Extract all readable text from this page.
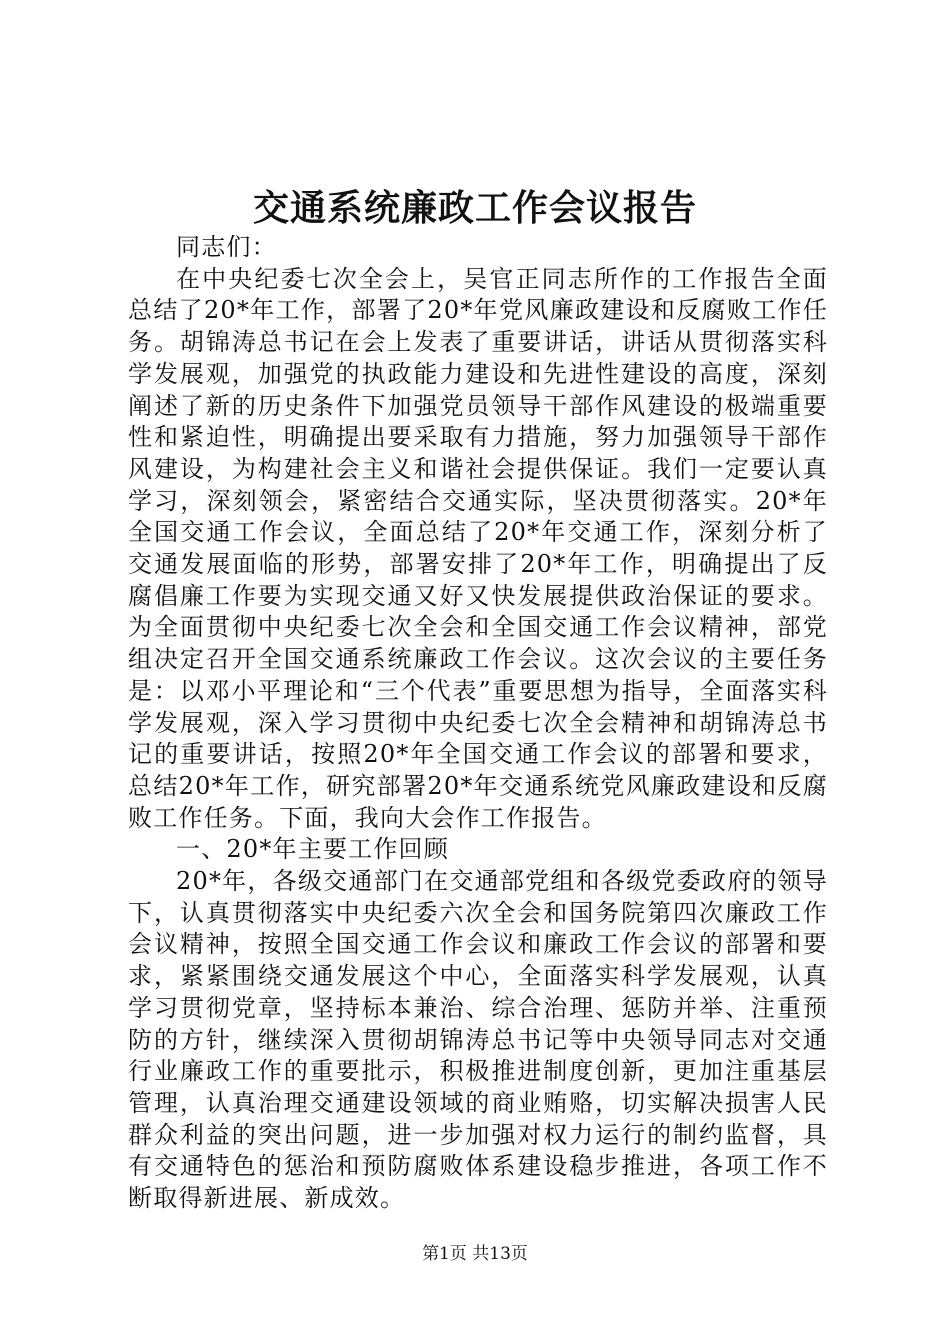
交通系统廉政工作会议报告

同志们：

在中央纪委七次全会上，吴官正同志所作的工作报告全面总结了20*年工作，部署了20*年党风廉政建设和反腐败工作任务。胡锦涛总书记在会上发表了重要讲话，讲话从贯彻落实科学发展观，加强党的执政能力建设和先进性建设的高度，深刻阐述了新的历史条件下加强党员领导干部作风建设的极端重要性和紧迫性，明确提出要采取有力措施，努力加强领导干部作风建设，为构建社会主义和谐社会提供保证。我们一定要认真学习，深刻领会，紧密结合交通实际，坚决贯彻落实。20*年全国交通工作会议，全面总结了20*年交通工作，深刻分析了交通发展面临的形势，部署安排了20*年工作，明确提出了反腐倡廉工作要为实现交通又好又快发展提供政治保证的要求。为全面贯彻中央纪委七次全会和全国交通工作会议精神，部党组决定召开全国交通系统廉政工作会议。这次会议的主要任务是：以邓小平理论和“三个代表”重要思想为指导，全面落实科学发展观，深入学习贯彻中央纪委七次全会精神和胡锦涛总书记的重要讲话，按照20*年全国交通工作会议的部署和要求，总结20*年工作，研究部署20*年交通系统党风廉政建设和反腐败工作任务。下面，我向大会作工作报告。

一、20*年主要工作回顾

20*年，各级交通部门在交通部党组和各级党委政府的领导下，认真贯彻落实中央纪委六次全会和国务院第四次廉政工作会议精神，按照全国交通工作会议和廉政工作会议的部署和要求，紧紧围绕交通发展这个中心，全面落实科学发展观，认真学习贯彻党章，坚持标本兼治、综合治理、惩防并举、注重预防的方针，继续深入贯彻胡锦涛总书记等中央领导同志对交通行业廉政工作的重要批示，积极推进制度创新，更加注重基层管理，认真治理交通建设领域的商业贿赂，切实解决损害人民群众利益的突出问题，进一步加强对权力运行的制约监督，具有交通特色的惩治和预防腐败体系建设稳步推进，各项工作不断取得新进展、新成效。

第1页 共13页
